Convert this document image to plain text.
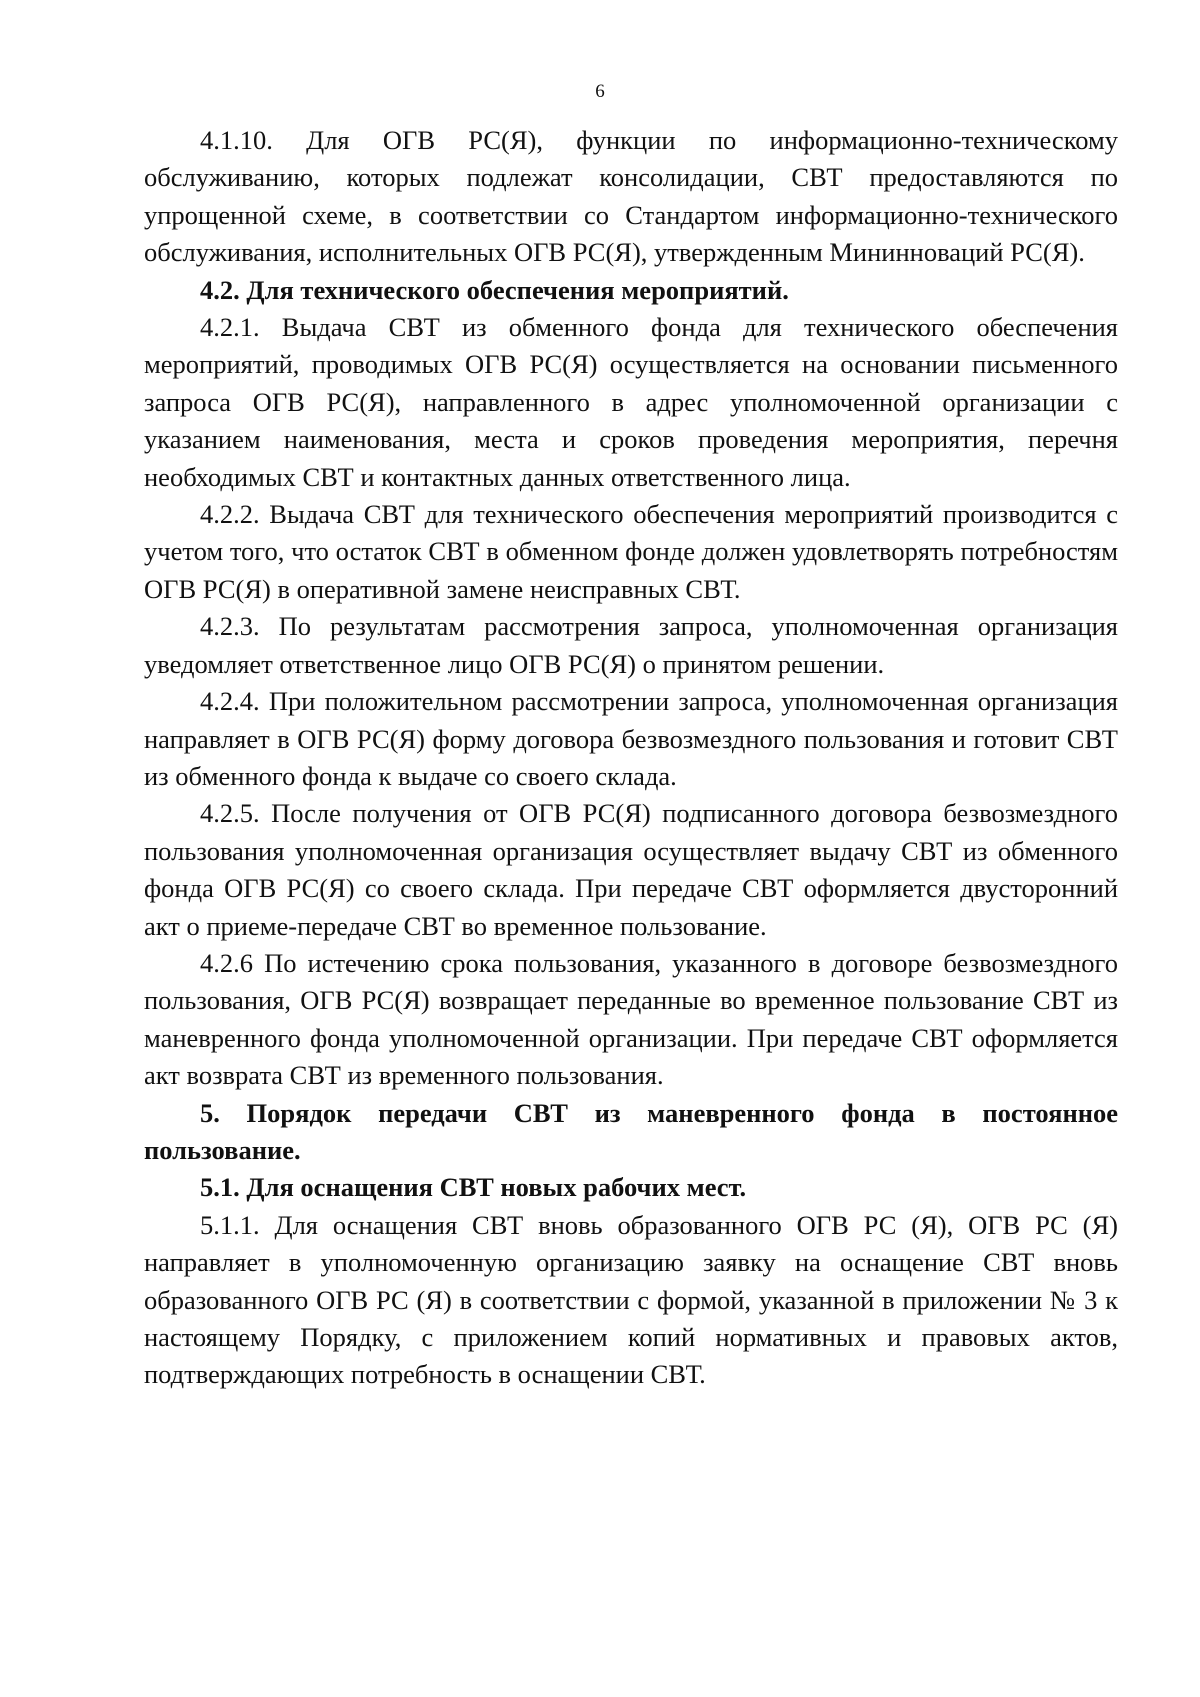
6

4.1.10. Для ОГВ РС(Я), функции по информационно-техническому обслуживанию, которых подлежат консолидации, СВТ предоставляются по упрощенной схеме, в соответствии со Стандартом информационно-технического обслуживания, исполнительных ОГВ РС(Я), утвержденным Мининноваций РС(Я).

4.2. Для технического обеспечения мероприятий.

4.2.1. Выдача СВТ из обменного фонда для технического обеспечения мероприятий, проводимых ОГВ РС(Я) осуществляется на основании письменного запроса ОГВ РС(Я), направленного в адрес уполномоченной организации с указанием наименования, места и сроков проведения мероприятия, перечня необходимых СВТ и контактных данных ответственного лица.

4.2.2. Выдача СВТ для технического обеспечения мероприятий производится с учетом того, что остаток СВТ в обменном фонде должен удовлетворять потребностям ОГВ РС(Я) в оперативной замене неисправных СВТ.

4.2.3. По результатам рассмотрения запроса, уполномоченная организация уведомляет ответственное лицо ОГВ РС(Я) о принятом решении.

4.2.4. При положительном рассмотрении запроса, уполномоченная организация направляет в ОГВ РС(Я) форму договора безвозмездного пользования и готовит СВТ из обменного фонда к выдаче со своего склада.

4.2.5. После получения от ОГВ РС(Я) подписанного договора безвозмездного пользования уполномоченная организация осуществляет выдачу СВТ из обменного фонда ОГВ РС(Я) со своего склада. При передаче СВТ оформляется двусторонний акт о приеме-передаче СВТ во временное пользование.

4.2.6 По истечению срока пользования, указанного в договоре безвозмездного пользования, ОГВ РС(Я) возвращает переданные во временное пользование СВТ из маневренного фонда уполномоченной организации. При передаче СВТ оформляется акт возврата СВТ из временного пользования.

5. Порядок передачи СВТ из маневренного фонда в постоянное пользование.

5.1. Для оснащения СВТ новых рабочих мест.

5.1.1. Для оснащения СВТ вновь образованного ОГВ РС (Я), ОГВ РС (Я) направляет в уполномоченную организацию заявку на оснащение СВТ вновь образованного ОГВ РС (Я) в соответствии с формой, указанной в приложении № 3 к настоящему Порядку, с приложением копий нормативных и правовых актов, подтверждающих потребность в оснащении СВТ.
